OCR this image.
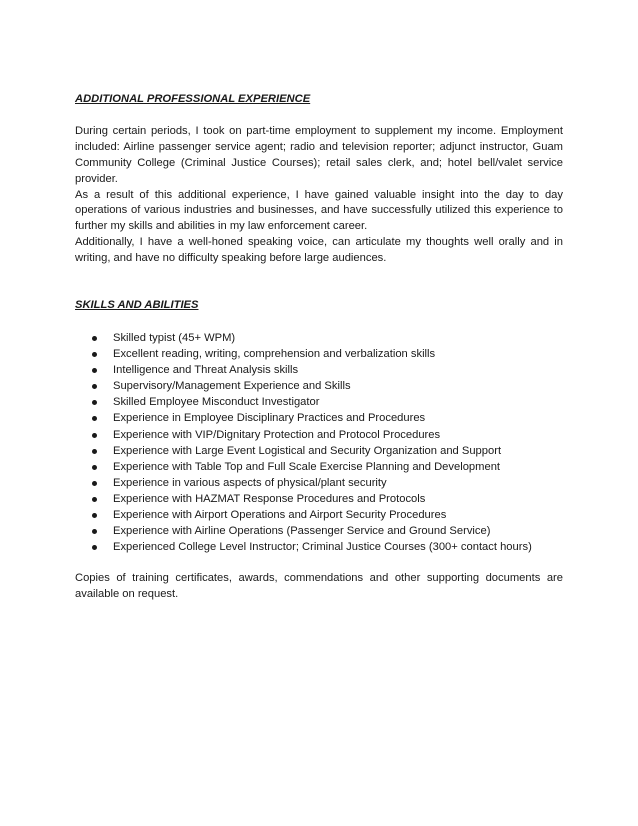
ADDITIONAL PROFESSIONAL EXPERIENCE

During certain periods, I took on part-time employment to supplement my income. Employment included: Airline passenger service agent; radio and television reporter; adjunct instructor, Guam Community College (Criminal Justice Courses); retail sales clerk, and; hotel bell/valet service provider.

As a result of this additional experience, I have gained valuable insight into the day to day operations of various industries and businesses, and have successfully utilized this experience to further my skills and abilities in my law enforcement career.

Additionally, I have a well-honed speaking voice, can articulate my thoughts well orally and in writing, and have no difficulty speaking before large audiences.

SKILLS AND ABILITIES

Skilled typist (45+ WPM)
Excellent reading, writing, comprehension and verbalization skills
Intelligence and Threat Analysis skills
Supervisory/Management Experience and Skills
Skilled Employee Misconduct Investigator
Experience in Employee Disciplinary Practices and Procedures
Experience with VIP/Dignitary Protection and Protocol Procedures
Experience with Large Event Logistical and Security Organization and Support
Experience with Table Top and Full Scale Exercise Planning and Development
Experience in various aspects of physical/plant security
Experience with HAZMAT Response Procedures and Protocols
Experience with Airport Operations and Airport Security Procedures
Experience with Airline Operations (Passenger Service and Ground Service)
Experienced College Level Instructor; Criminal Justice Courses (300+ contact hours)

Copies of training certificates, awards, commendations and other supporting documents are available on request.
